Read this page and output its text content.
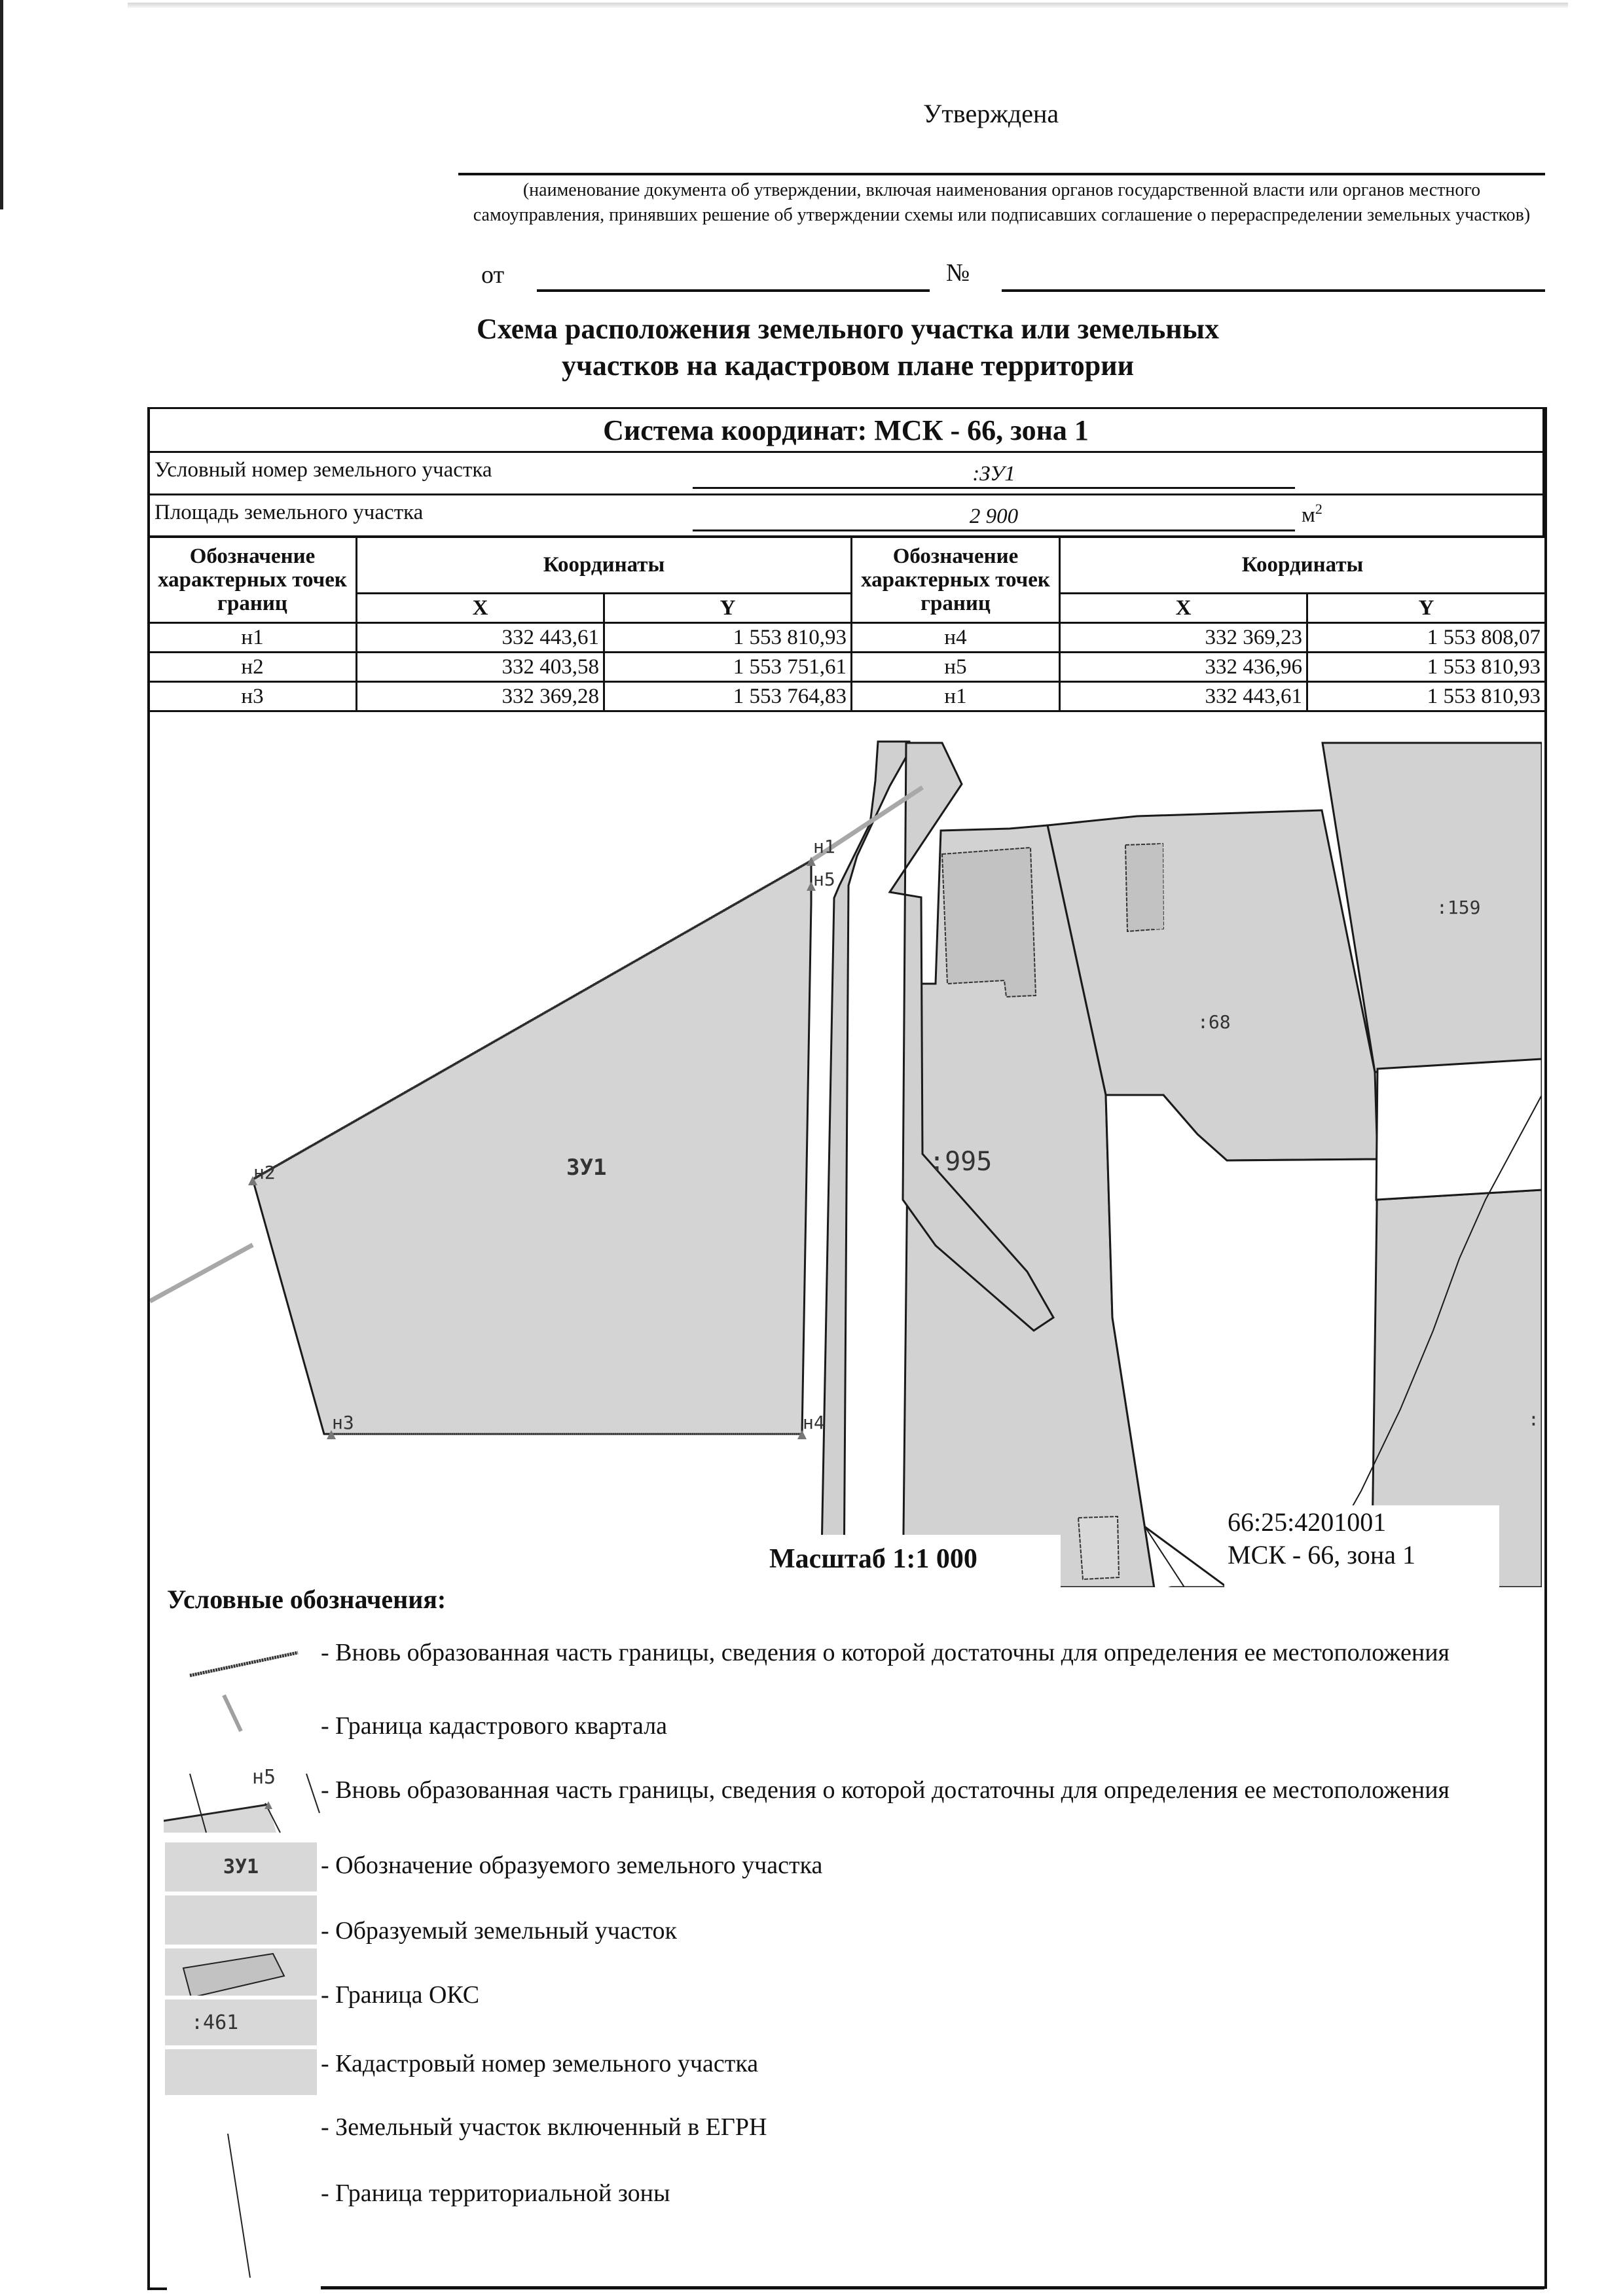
Утверждена
(наименование документа об утверждении, включая наименования органов государственной власти или органов местного самоуправления, принявших решение об утверждении схемы или подписавших соглашение о перераспределении земельных участков)
от	№
Схема расположения земельного участка или земельных
участков на кадастровом плане территории
Система координат: МСК - 66, зона 1

Условный номер земельного участка	:ЗУ1

Площадь земельного участка	2 900	$м^2$
Обозначение характерных точек границ	Координаты		Обозначение характерных точек границ	Координаты	
	X	Y		X	Y
н1	332 443,61	1 553 810,93	н4	332 369,23	1 553 808,07
н2	332 403,58	1 553 751,61	н5	332 436,96	1 553 810,93
н3	332 369,28	1 553 764,83	н1	332 443,61	1 553 810,93
н1
н5
н2
н3	н4
ЗУ1	:995
:68
:159
:
Масштаб 1:1 000
66:25:4201001
МСК - 66, зона 1
Условные обозначения:
- Вновь образованная часть границы, сведения о которой достаточны для определения ее местоположения
- Граница кадастрового квартала
н5 - Вновь образованная часть границы, сведения о которой достаточны для определения ее местоположения
ЗУ1	- Обозначение образуемого земельного участка
- Образуемый земельный участок
- Граница ОКС
:461
- Кадастровый номер земельного участка
- Земельный участок включенный в ЕГРН
- Граница территориальной зоны
